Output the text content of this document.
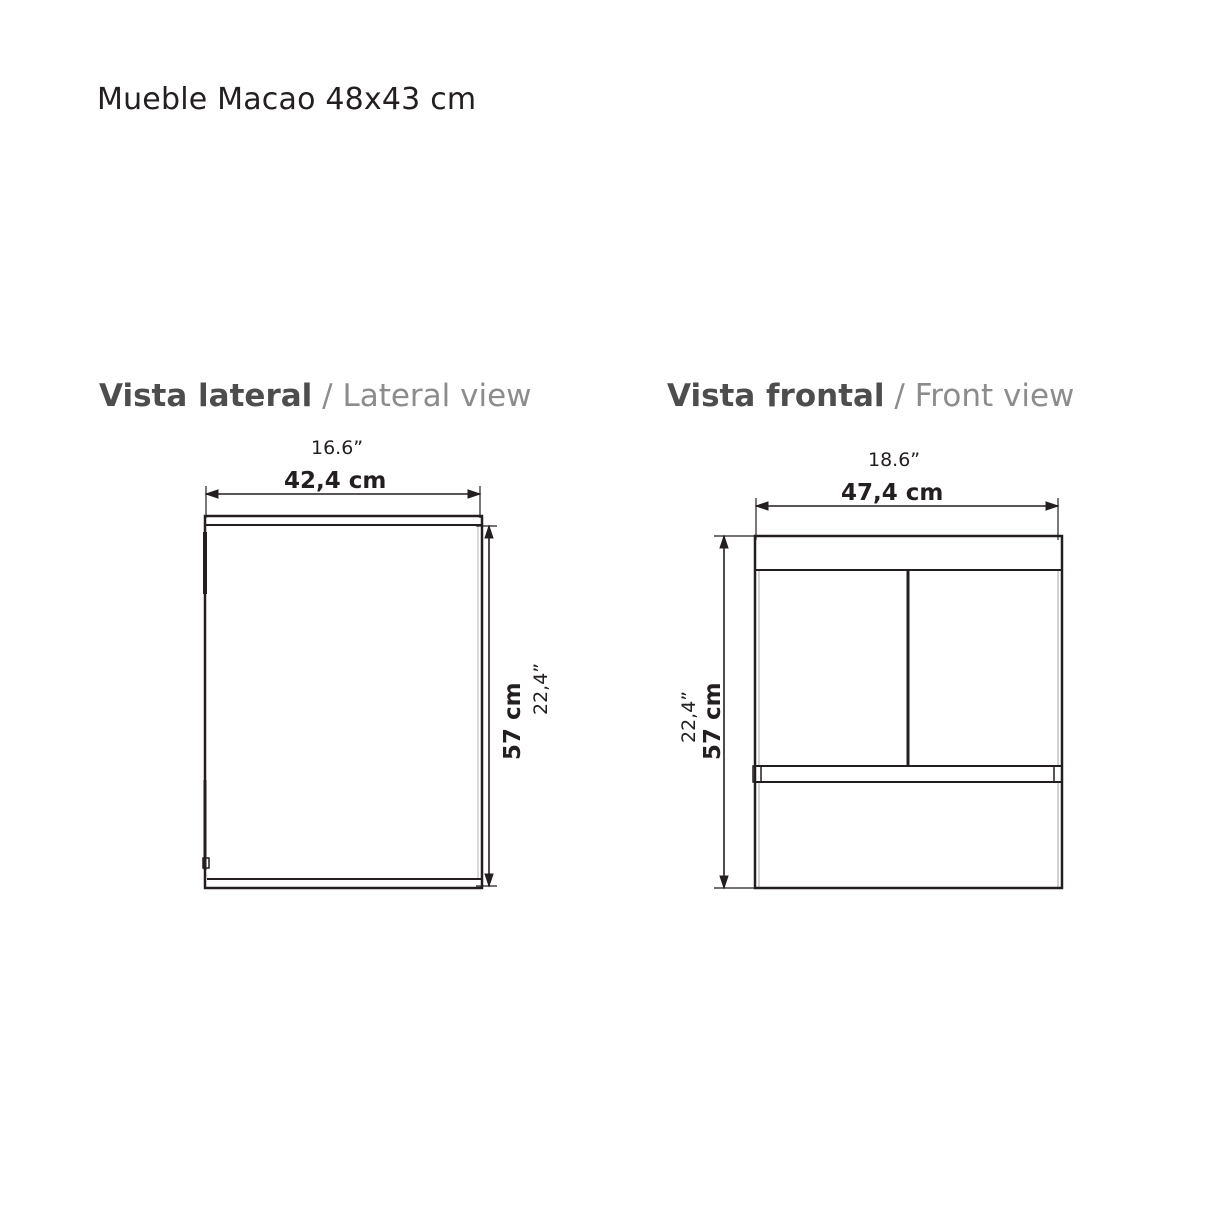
Mueble Macao 48x43 cm
Vista lateral / Lateral view	Vista frontal / Front view
16.6”
42,4 cm
57 cm 22,4”
18.6”
47,4 cm
57 cm
22,4”
